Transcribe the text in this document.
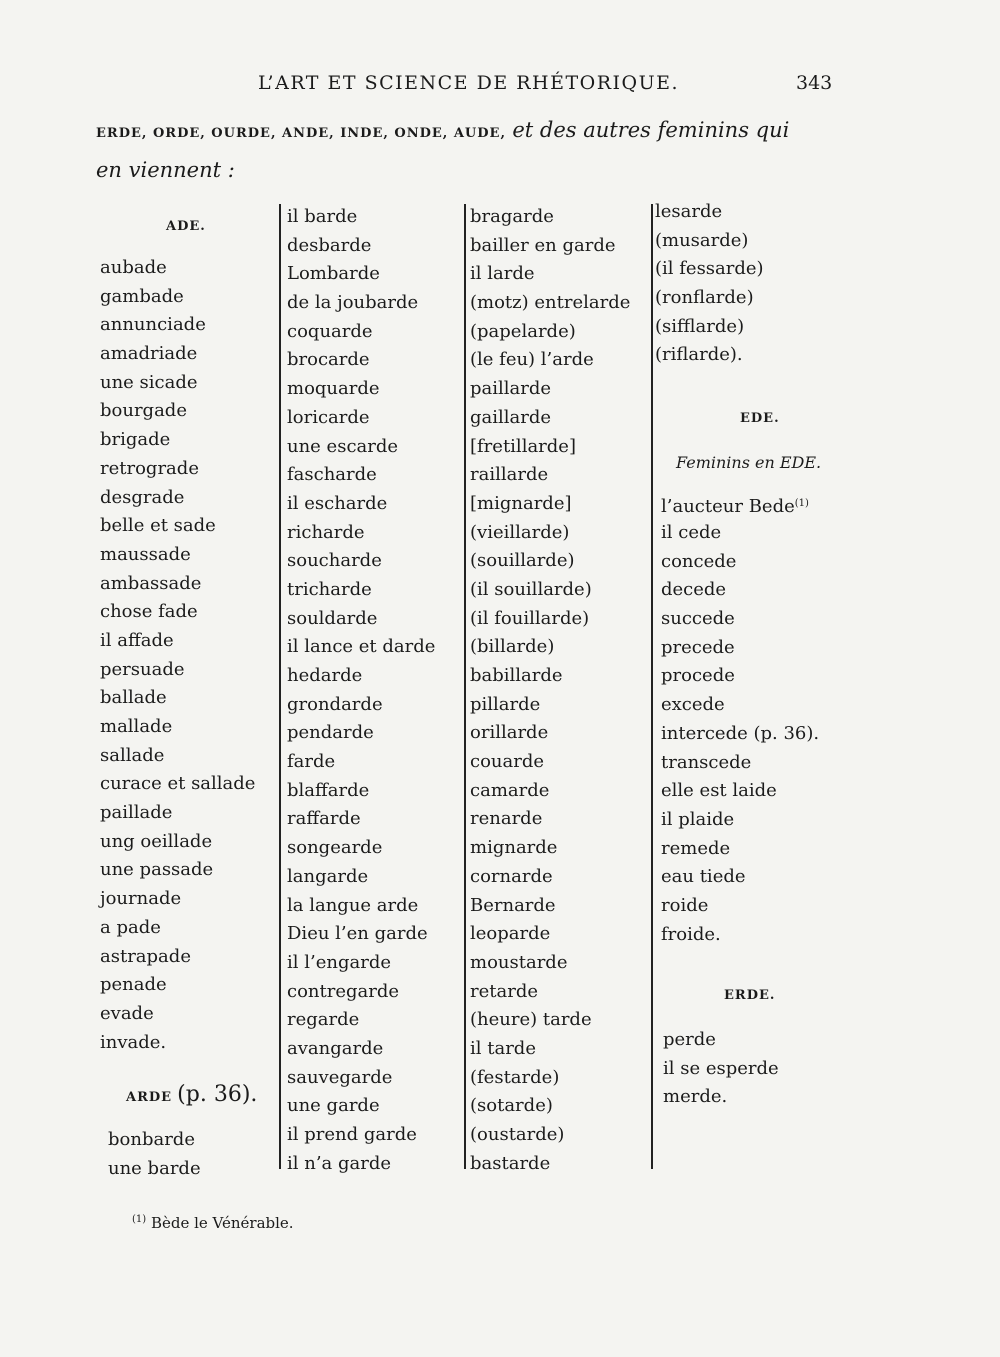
L’ART ET SCIENCE DE RHÉTORIQUE.	343
ERDE, ORDE, OURDE, ANDE, INDE, ONDE, AUDE, et des autres feminins qui
en viennent :
ADE.
aubade
gambade
annunciade
amadriade
une sicade
bourgade
brigade
retrograde
desgrade
belle et sade
maussade
ambassade
chose fade
il affade
persuade
ballade
mallade
sallade
curace et sallade
paillade
ung oeillade
une passade
journade
a pade
astrapade
penade
evade
invade.
ARDE (p. 36).
bonbarde
une barde
il barde
desbarde
Lombarde
de la joubarde
coquarde
brocarde
moquarde
loricarde
une escarde
fascharde
il escharde
richarde
soucharde
tricharde
souldarde
il lance et darde
hedarde
grondarde
pendarde
farde
blaffarde
raffarde
songearde
langarde
la langue arde
Dieu l’en garde
il l’engarde
contregarde
regarde
avangarde
sauvegarde
une garde
il prend garde
il n’a garde
bragarde
bailler en garde
il larde
(motz) entrelarde
(papelarde)
(le feu) l’arde
paillarde
gaillarde
[fretillarde]
raillarde
[mignarde]
(vieillarde)
(souillarde)
(il souillarde)
(il fouillarde)
(billarde)
babillarde
pillarde
orillarde
couarde
camarde
renarde
mignarde
cornarde
Bernarde
leoparde
moustarde
retarde
(heure) tarde
il tarde
(festarde)
(sotarde)
(oustarde)
bastarde
lesarde
(musarde)
(il fessarde)
(ronflarde)
(sifflarde)
(riflarde).
EDE.
Feminins en EDE.
l’aucteur Bede$^{(1)}$
il cede
concede
decede
succede
precede
procede
excede
intercede (p. 36).
transcede
elle est laide
il plaide
remede
eau tiede
roide
froide.
ERDE.
perde
il se esperde
merde.
$^{(1)}$ Bède le Vénérable.
